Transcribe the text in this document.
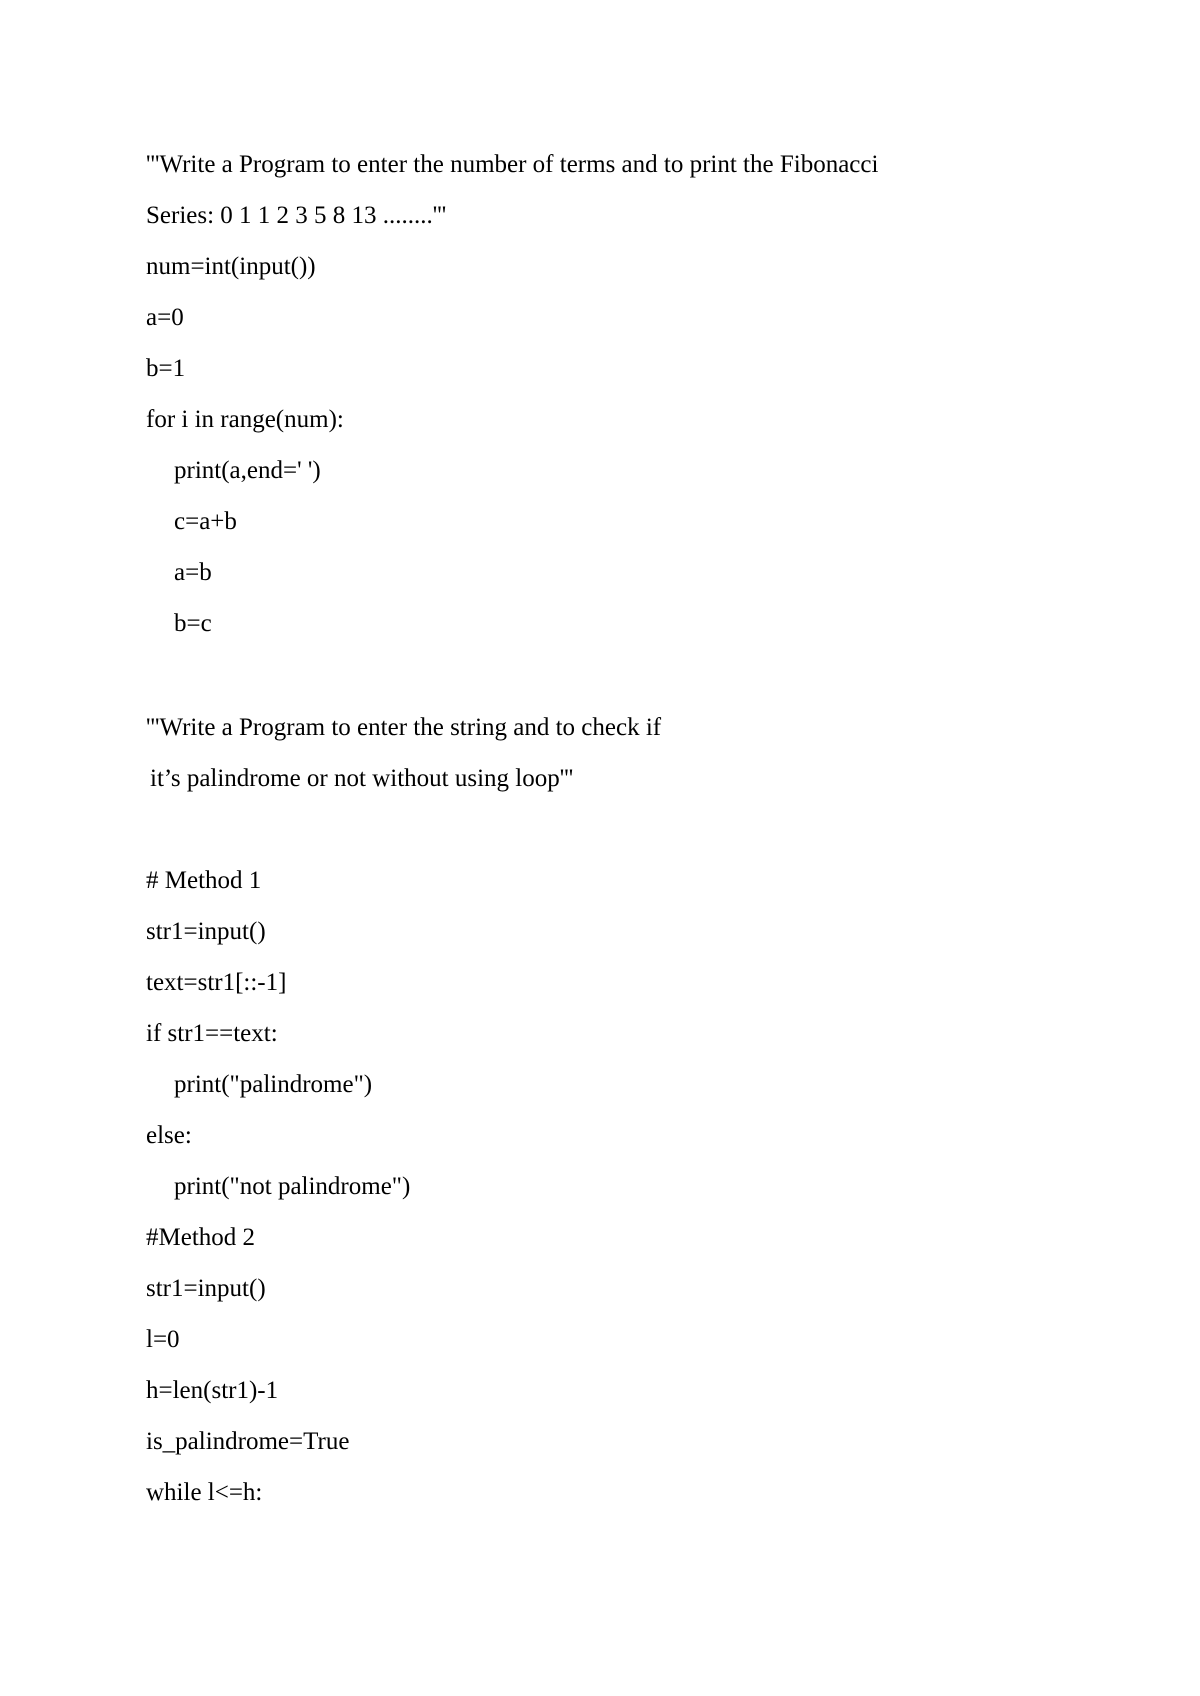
'''Write a Program to enter the number of terms and to print the Fibonacci
Series: 0 1 1 2 3 5 8 13 ........'''
num=int(input())
a=0
b=1
for i in range(num):
print(a,end=' ')
c=a+b
a=b
b=c
'''Write a Program to enter the string and to check if
it’s palindrome or not without using loop'''
# Method 1
str1=input()
text=str1[::-1]
if str1==text:
print("palindrome")
else:
print("not palindrome")
#Method 2
str1=input()
l=0
h=len(str1)-1
is_palindrome=True
while l<=h:
